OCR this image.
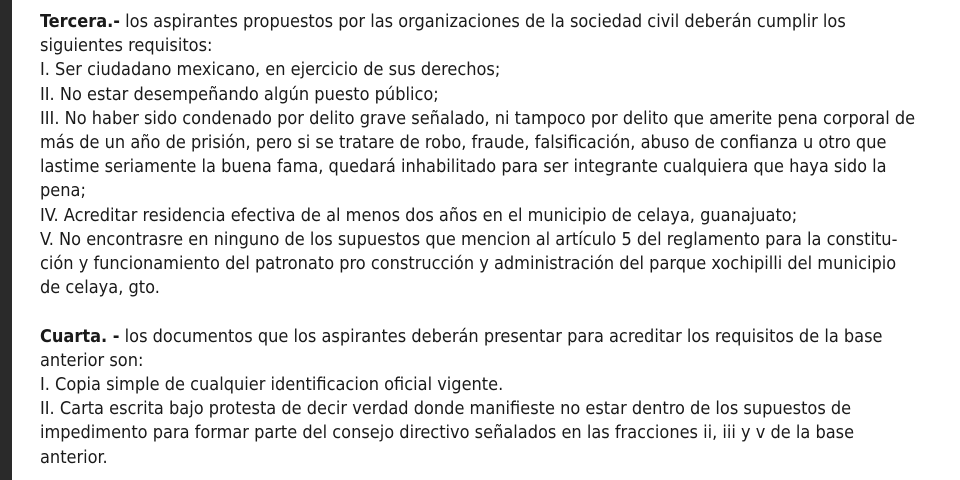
Tercera.- los aspirantes propuestos por las organizaciones de la sociedad civil deberán cumplir los
siguientes requisitos:
I. Ser ciudadano mexicano, en ejercicio de sus derechos;
II. No estar desempeñando algún puesto público;
III. No haber sido condenado por delito grave señalado, ni tampoco por delito que amerite pena corporal de
más de un año de prisión, pero si se tratare de robo, fraude, falsificación, abuso de confianza u otro que
lastime seriamente la buena fama, quedará inhabilitado para ser integrante cualquiera que haya sido la
pena;
IV. Acreditar residencia efectiva de al menos dos años en el municipio de celaya, guanajuato;
V. No encontrasre en ninguno de los supuestos que mencion al artículo 5 del reglamento para la constitu-
ción y funcionamiento del patronato pro construcción y administración del parque xochipilli del municipio
de celaya, gto.
Cuarta. - los documentos que los aspirantes deberán presentar para acreditar los requisitos de la base
anterior son:
I. Copia simple de cualquier identificacion oficial vigente.
II. Carta escrita bajo protesta de decir verdad donde manifieste no estar dentro de los supuestos de
impedimento para formar parte del consejo directivo señalados en las fracciones ii, iii y v de la base
anterior.
